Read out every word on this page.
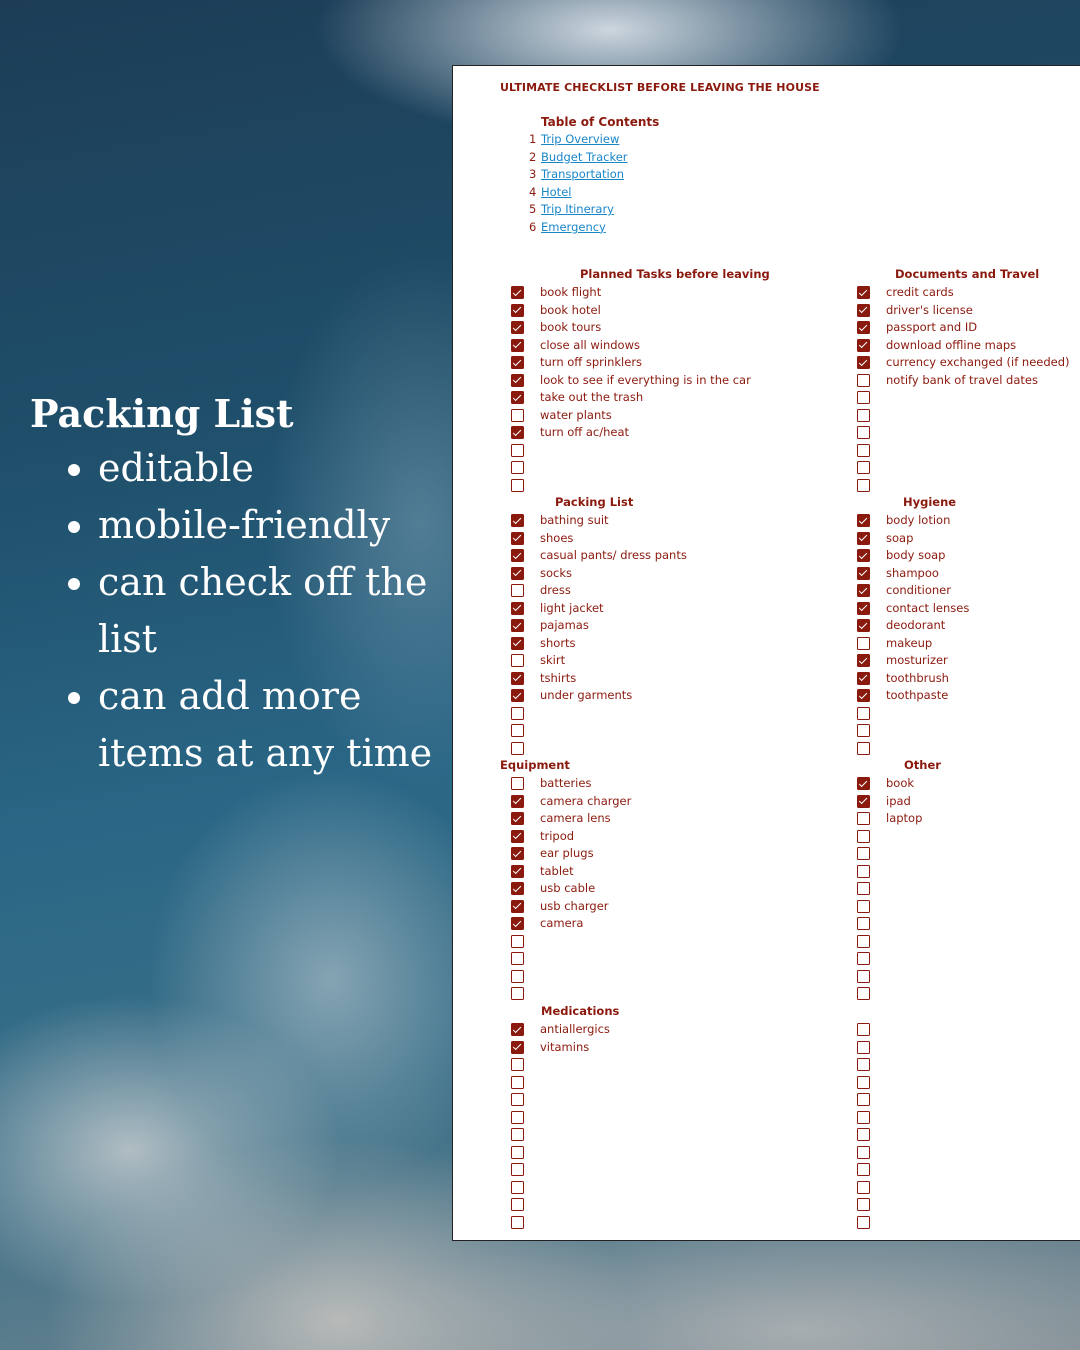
Packing List
• editable
• mobile-friendly
• can check off the list
• can add more items at any time
ULTIMATE CHECKLIST BEFORE LEAVING THE HOUSE
Table of Contents
1 Trip Overview
2 Budget Tracker
3 Transportation
4 Hotel
5 Trip Itinerary
6 Emergency
Planned Tasks before leaving	Documents and Travel
Packing List	Hygiene
Equipment	Other
Medications
book flight
book hotel
book tours
close all windows
turn off sprinklers
look to see if everything is in the car
take out the trash
water plants
turn off ac/heat
credit cards
driver's license
passport and ID
download offline maps
currency exchanged (if needed)
notify bank of travel dates
bathing suit
shoes
casual pants/ dress pants
socks
dress
light jacket
pajamas
shorts
skirt
tshirts
under garments
body lotion
soap
body soap
shampoo
conditioner
contact lenses
deodorant
makeup
mosturizer
toothbrush
toothpaste
batteries
camera charger
camera lens
tripod
ear plugs
tablet
usb cable
usb charger
camera
book
ipad
laptop
antiallergics
vitamins
